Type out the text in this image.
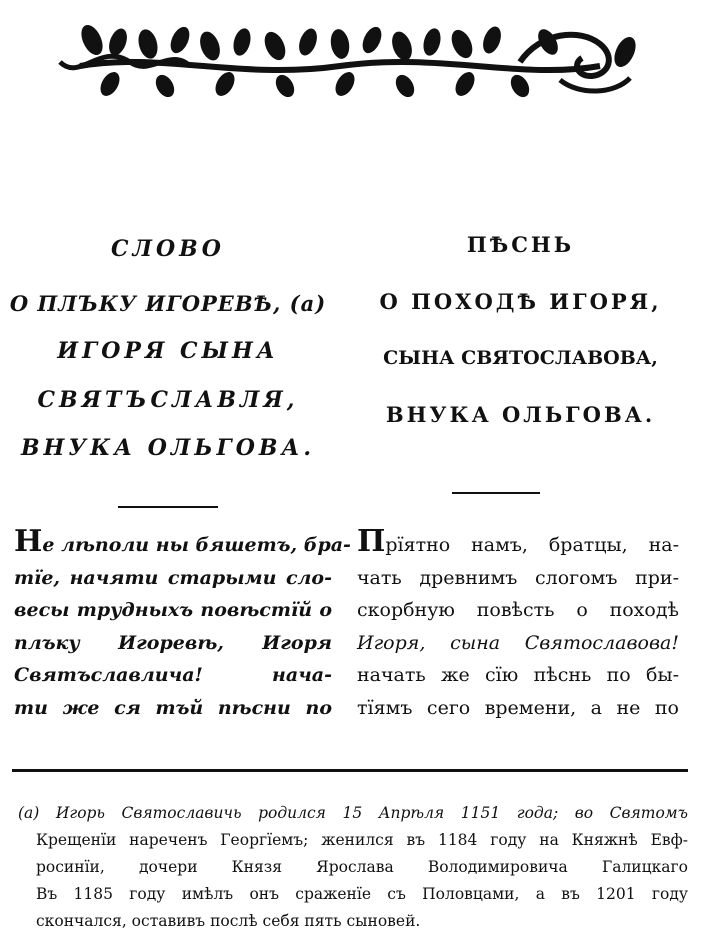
СЛОВО

О ПЛЪКУ ИГОРЕВѢ, (а)

ИГОРЯ СЫНА

СВЯТЪСЛАВЛЯ,

ВНУКА ОЛЬГОВА.

ПѢСНЬ

О ПОХОДѢ ИГОРЯ,

СЫНА СВЯТОСЛАВОВА,

ВНУКА ОЛЬГОВА.

Не лѣполи ны бяшетъ, бра-
тїе, начяти старыми сло-
весы трудныхъ повѣстїй о
плъку Игоревѣ, Игоря
Святъславлича! нача-
ти же ся тъй пѣсни по

Прїятно намъ, братцы, на-
чать древнимъ слогомъ при-
скорбную повѣсть о походѣ
Игоря, сына Святославова!
начать же сїю пѣснь по бы-
тїямъ сего времени, а не по

(а) Игорь Святославичь родился 15 Апрѣля 1151 года; во Святомъ
Крещенїи нареченъ Георгїемъ; женился въ 1184 году на Княжнѣ Евф-
росинїи, дочери Князя Ярослава Володимировича Галицкаго
Въ 1185 году имѣлъ онъ сраженїе съ Половцами, а въ 1201 году
скончался, оставивъ послѣ себя пять сыновей.
